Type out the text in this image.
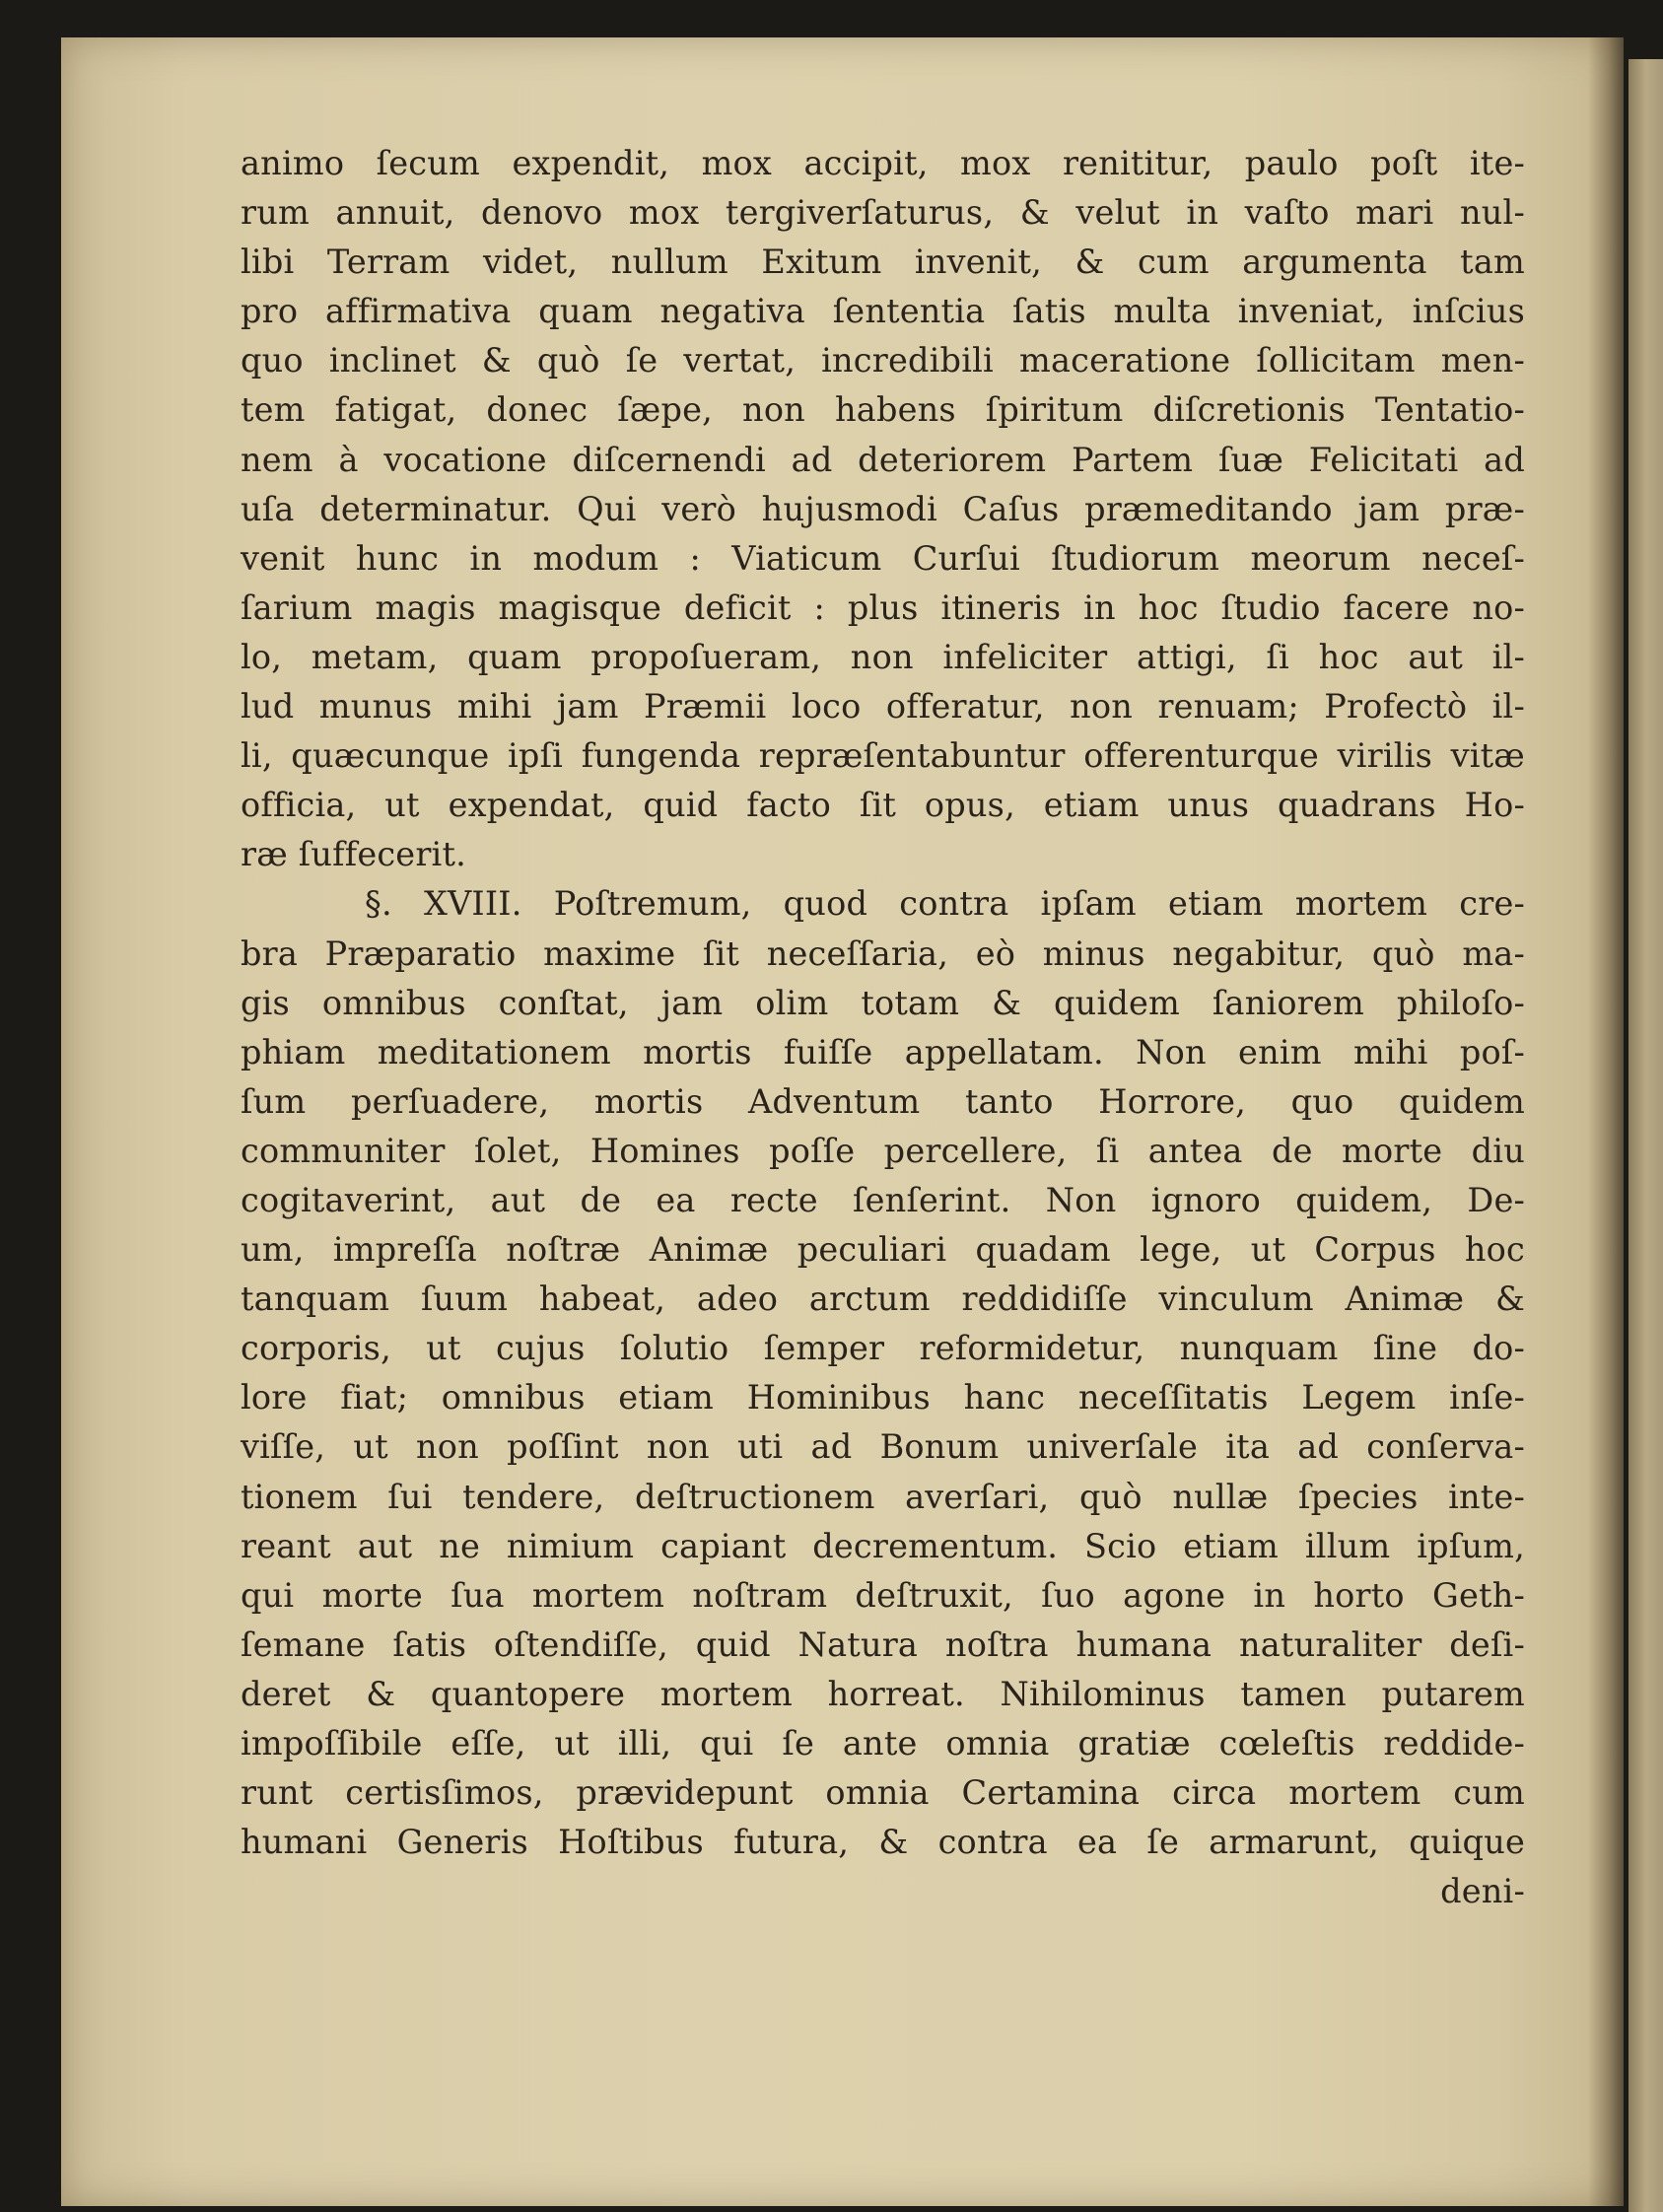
animo ſecum expendit, mox accipit, mox renititur, paulo poſt ite-
rum annuit, denovo mox tergiverſaturus, & velut in vaſto mari nul-
libi Terram videt, nullum Exitum invenit, & cum argumenta tam
pro affirmativa quam negativa ſententia ſatis multa inveniat, inſcius
quo inclinet & quò ſe vertat, incredibili maceratione ſollicitam men-
tem fatigat, donec ſæpe, non habens ſpiritum diſcretionis Tentatio-
nem à vocatione diſcernendi ad deteriorem Partem ſuæ Felicitati ad
uſa determinatur. Qui verò hujusmodi Caſus præmeditando jam præ-
venit hunc in modum : Viaticum Curſui ſtudiorum meorum neceſ-
ſarium magis magisque deficit : plus itineris in hoc ſtudio facere no-
lo, metam, quam propoſueram, non infeliciter attigi, ſi hoc aut il-
lud munus mihi jam Præmii loco offeratur, non renuam; Profectò il-
li, quæcunque ipſi fungenda repræſentabuntur offerenturque virilis vitæ
officia, ut expendat, quid facto ſit opus, etiam unus quadrans Ho-
ræ ſuffecerit.
§. XVIII. Poſtremum, quod contra ipſam etiam mortem cre-
bra Præparatio maxime ſit neceſſaria, eò minus negabitur, quò ma-
gis omnibus conſtat, jam olim totam & quidem ſaniorem philoſo-
phiam meditationem mortis fuiſſe appellatam. Non enim mihi poſ-
ſum perſuadere, mortis Adventum tanto Horrore, quo quidem
communiter ſolet, Homines poſſe percellere, ſi antea de morte diu
cogitaverint, aut de ea recte ſenſerint. Non ignoro quidem, De-
um, impreſſa noſtræ Animæ peculiari quadam lege, ut Corpus hoc
tanquam ſuum habeat, adeo arctum reddidiſſe vinculum Animæ &
corporis, ut cujus ſolutio ſemper reformidetur, nunquam ſine do-
lore fiat; omnibus etiam Hominibus hanc neceſſitatis Legem inſe-
viſſe, ut non poſſint non uti ad Bonum univerſale ita ad conſerva-
tionem ſui tendere, deſtructionem averſari, quò nullæ ſpecies inte-
reant aut ne nimium capiant decrementum. Scio etiam illum ipſum,
qui morte ſua mortem noſtram deſtruxit, ſuo agone in horto Geth-
ſemane ſatis oſtendiſſe, quid Natura noſtra humana naturaliter deſi-
deret & quantopere mortem horreat. Nihilominus tamen putarem
impoſſibile eſſe, ut illi, qui ſe ante omnia gratiæ cœleſtis reddide-
runt certisſimos, prævidерunt omnia Certamina circa mortem cum
humani Generis Hoſtibus futura, & contra ea ſe armarunt, quique
deni-
